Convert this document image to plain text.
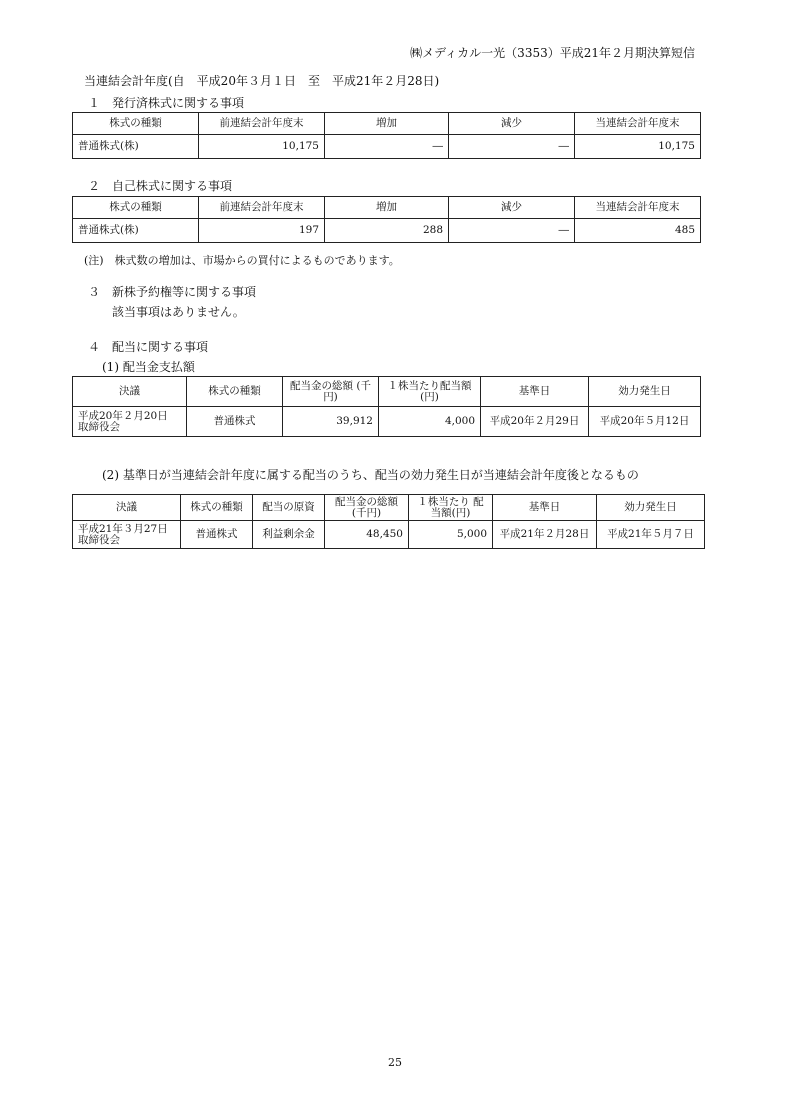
㈱メディカル一光（3353）平成21年２月期決算短信
当連結会計年度(自　平成20年３月１日　至　平成21年２月28日)
１　発行済株式に関する事項
株式の種類	前連結会計年度末	増加	減少	当連結会計年度末
普通株式(株)	10,175	―	―	10,175
２　自己株式に関する事項
株式の種類	前連結会計年度末	増加	減少	当連結会計年度末
普通株式(株)	197	288	―	485
(注)　株式数の増加は、市場からの買付によるものであります。
３　新株予約権等に関する事項
該当事項はありません。
４　配当に関する事項
(1) 配当金支払額
決議	株式の種類	配当金の総額 (千円)	１株当たり配当額 (円)	基準日	効力発生日
平成20年２月20日 取締役会	普通株式	39,912	4,000	平成20年２月29日	平成20年５月12日
(2) 基準日が当連結会計年度に属する配当のうち、配当の効力発生日が当連結会計年度後となるもの
決議	株式の種類	配当の原資	配当金の総額 (千円)	１株当たり 配当額(円)	基準日	効力発生日
平成21年３月27日 取締役会	普通株式	利益剰余金	48,450	5,000	平成21年２月28日	平成21年５月７日
25
